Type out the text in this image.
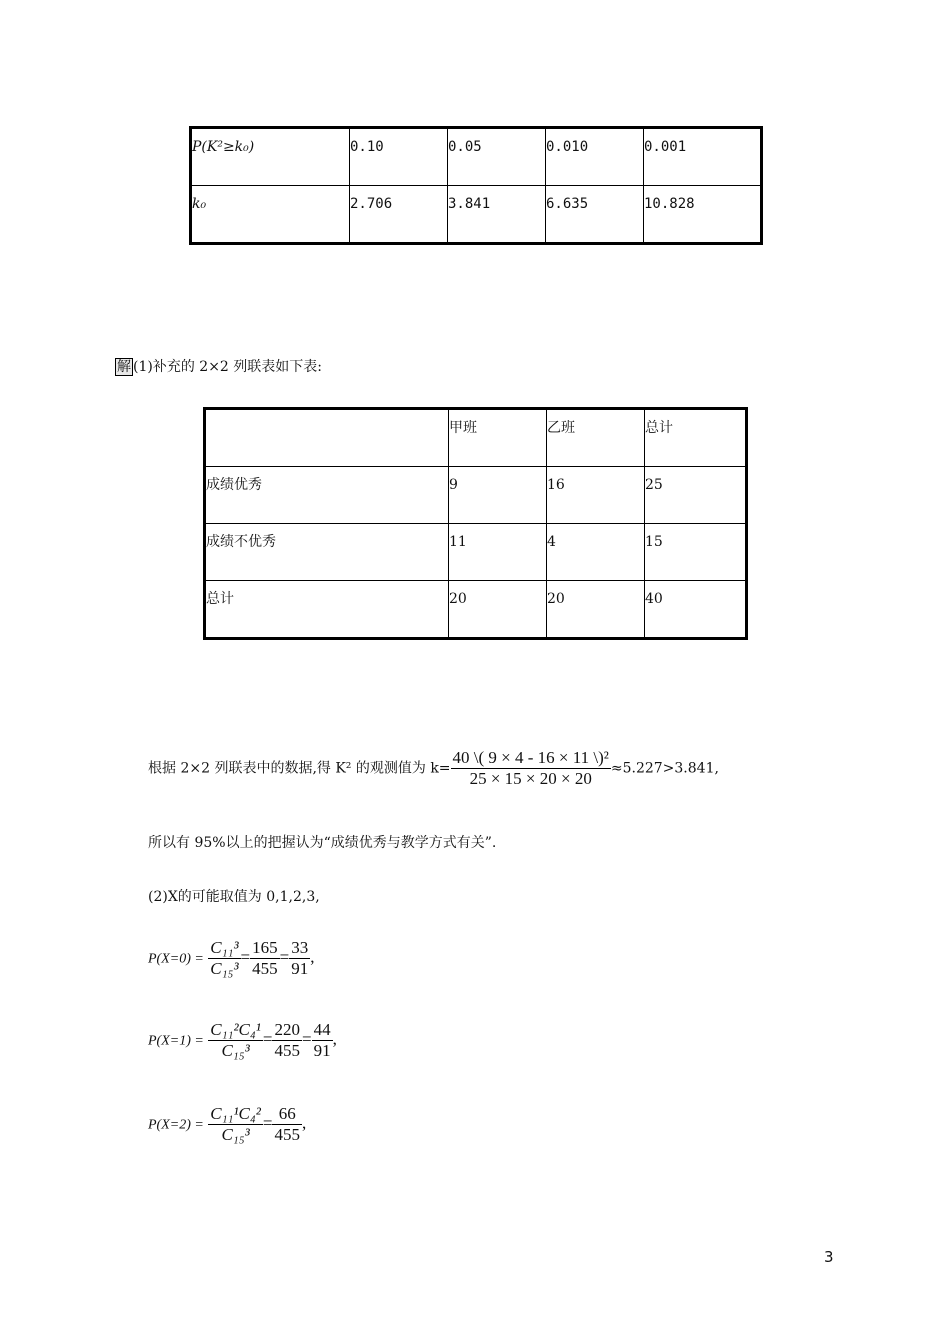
P(K²≥k₀)	0.10	0.05	0.010	0.001
k₀	2.706	3.841	6.635	10.828
解 (1)补充的 2×2 列联表如下表:
	甲班	乙班	总计
成绩优秀	9	16	25
成绩不优秀	11	4	15
总计	20	20	40
根据 2×2 列联表中的数据,得 K² 的观测值为 $k= \frac{\text{40 \textbackslash{}( 9 × 4 - 16 × 11 \textbackslash{})²}}{25 \times 15 \times 20 \times 20} \approx 5.227>3.841$,
所以有 95%以上的把握认为“成绩优秀与教学方式有关”.
(2)X的可能取值为 0,1,2,3,
$P(X=0) = \frac{\text{C₁₁³}}{\text{C₁₅³}} = \frac{165}{455} = \frac{33}{91}$ ,
$P(X=1) = \frac{\text{C₁₁²C₄¹}}{\text{C₁₅³}} = \frac{220}{455} = \frac{44}{91}$ ,
$P(X=2) = \frac{\text{C₁₁¹C₄²}}{\text{C₁₅³}} = \frac{66}{455}$ ,
3
